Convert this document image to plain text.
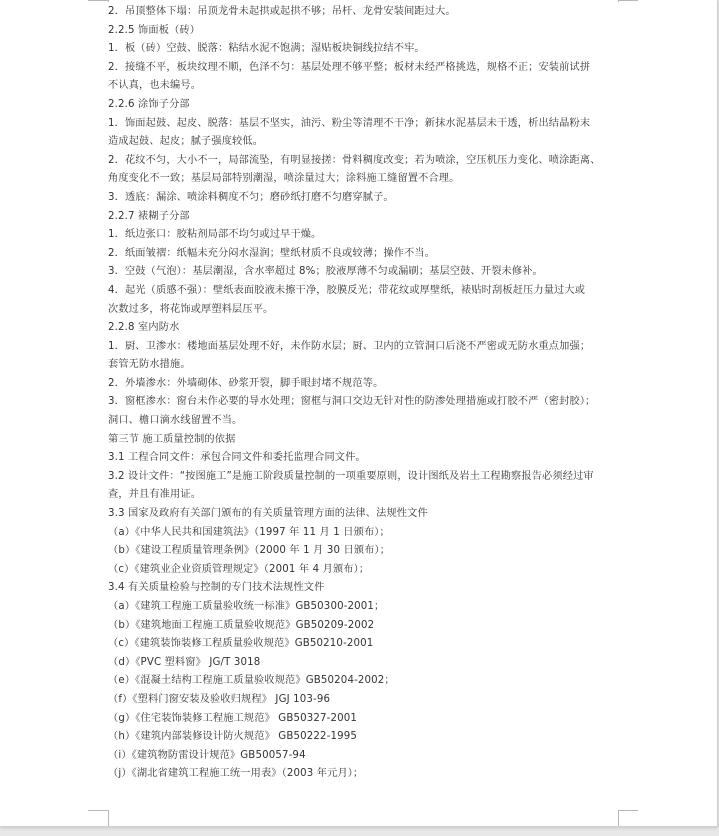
2．吊顶整体下塌：吊顶龙骨未起拱或起拱不够；吊杆、龙骨安装间距过大。
2.2.5 饰面板（砖）
1．板（砖）空鼓、脱落：粘结水泥不饱满；湿贴板块铜线拉结不牢。
2．接缝不平，板块纹理不顺，色泽不匀：基层处理不够平整；板材未经严格挑选，规格不正；安装前试拼
不认真，也未编号。
2.2.6 涂饰子分部
1．饰面起鼓、起皮、脱落：基层不坚实，油污、粉尘等清理不干净；新抹水泥基层未干透，析出结晶粉末
造成起鼓、起皮；腻子强度较低。
2．花纹不匀，大小不一，局部流坠，有明显接搓：骨料稠度改变；若为喷涂，空压机压力变化、喷涂距离、
角度变化不一致；基层局部特别潮湿，喷涂量过大；涂料施工缝留置不合理。
3．透底：漏涂、喷涂料稠度不匀；磨砂纸打磨不匀磨穿腻子。
2.2.7 裱糊子分部
1．纸边张口：胶粘剂局部不均匀或过早干燥。
2．纸面皱褶：纸幅未充分闷水湿润；壁纸材质不良或较薄；操作不当。
3．空鼓（气泡）：基层潮湿，含水率超过 8%；胶液厚薄不匀或漏刷；基层空鼓、开裂未修补。
4．起光（质感不强）：壁纸表面胶液未擦干净，胶膜反光；带花纹或厚壁纸，裱贴时刮板赶压力量过大或
次数过多，将花饰或厚塑料层压平。
2.2.8 室内防水
1．厨、卫渗水：楼地面基层处理不好，未作防水层；厨、卫内的立管洞口后浇不严密或无防水重点加强；
套管无防水措施。
2．外墙渗水：外墙砌体、砂浆开裂，脚手眼封堵不规范等。
3．窗框渗水：窗台未作必要的导水处理；窗框与洞口交边无针对性的防渗处理措施或打胶不严（密封胶）；
洞口、檐口滴水线留置不当。
第三节 施工质量控制的依据
3.1 工程合同文件：承包合同文件和委托监理合同文件。
3.2 设计文件：“按图施工”是施工阶段质量控制的一项重要原则，设计图纸及岩土工程勘察报告必须经过审
查，并且有准用证。
3.3 国家及政府有关部门颁布的有关质量管理方面的法律、法规性文件
（a）《中华人民共和国建筑法》（1997 年 11 月 1 日颁布）；
（b）《建设工程质量管理条例》（2000 年 1 月 30 日颁布）；
（c）《建筑业企业资质管理规定》（2001 年 4 月颁布）；
3.4 有关质量检验与控制的专门技术法规性文件
（a）《建筑工程施工质量验收统一标准》GB50300-2001；
（b）《建筑地面工程施工质量验收规范》GB50209-2002
（c）《建筑装饰装修工程质量验收规范》GB50210-2001
（d）《PVC 塑料窗》 JG/T 3018
（e）《混凝土结构工程施工质量验收规范》GB50204-2002；
（f）《塑料门窗安装及验收归规程》 JGJ 103-96
（g）《住宅装饰装修工程施工规范》 GB50327-2001
（h）《建筑内部装修设计防火规范》 GB50222-1995
（i）《建筑物防雷设计规范》GB50057-94
（j）《湖北省建筑工程施工统一用表》（2003 年元月）；
